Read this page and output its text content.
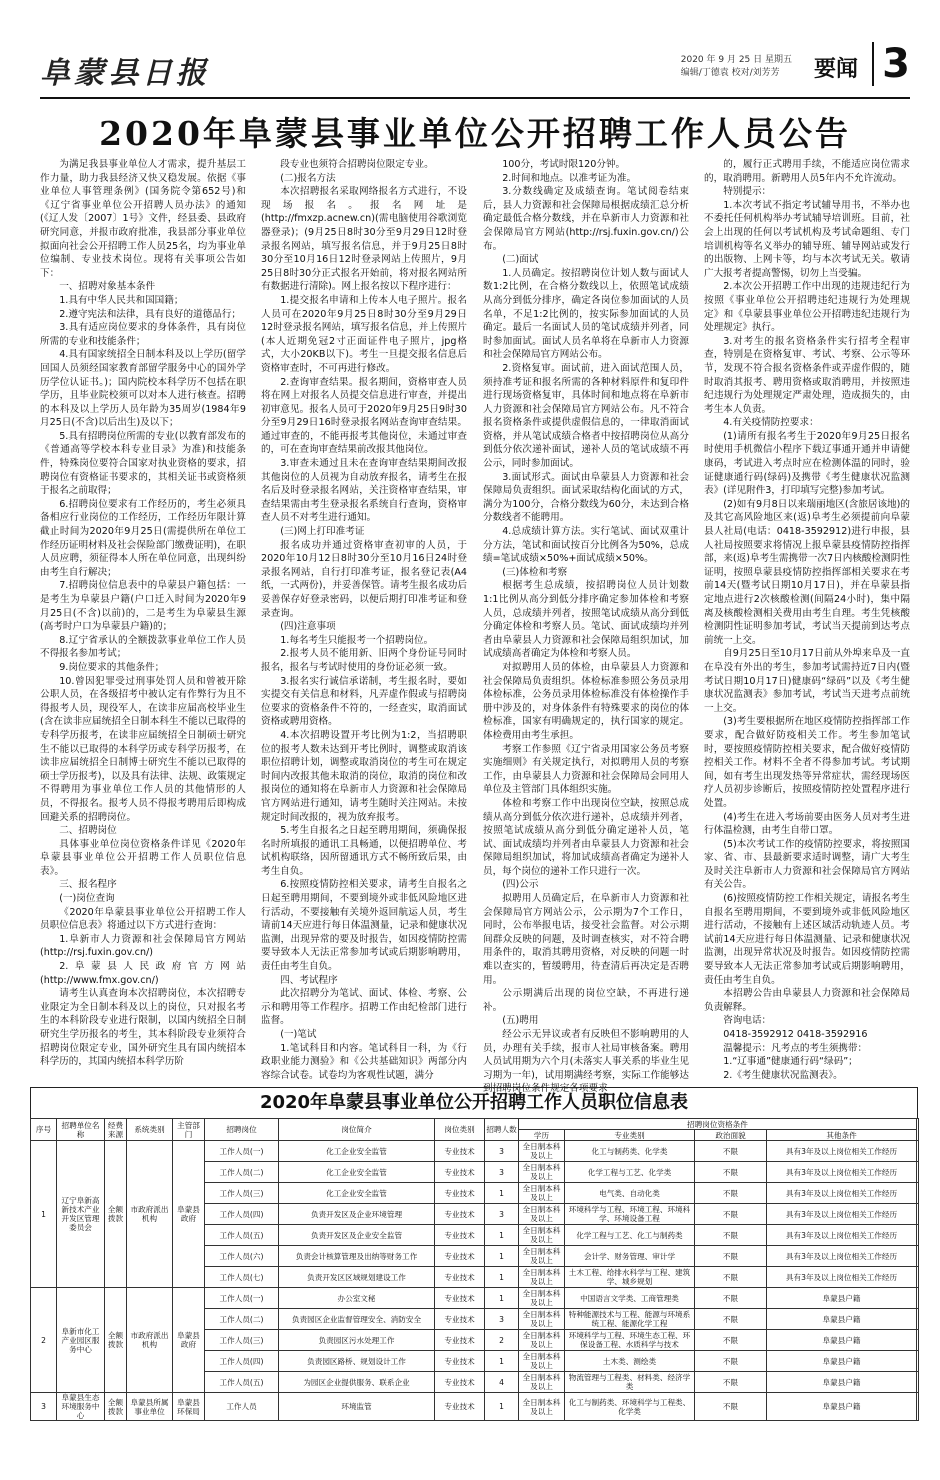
阜蒙县日报	2020 年 9 月 25 日 星期五
编辑/丁德袁 校对/刘芳芳	要闻 3
2020年阜蒙县事业单位公开招聘工作人员公告

为满足我县事业单位人才需求，提升基层工作力量，助力我县经济又快又稳发展。依据《事业单位人事管理条例》(国务院令第652号)和《辽宁省事业单位公开招聘人员办法》的通知(《辽人发〔2007〕1号》文件，经县委、县政府研究同意，并报市政府批准，我县部分事业单位拟面向社会公开招聘工作人员25名，均为事业单位编制、专业技术岗位。现将有关事项公告如下：

一、招聘对象基本条件

1.具有中华人民共和国国籍；

2.遵守宪法和法律，具有良好的道德品行；

3.具有适应岗位要求的身体条件，具有岗位所需的专业和技能条件；

4.具有国家统招全日制本科及以上学历(留学回国人员须经国家教育部留学服务中心的国外学历学位认证书。)；国内院校本科学历不包括在职学历，且毕业院校须可以对本人进行核查。招聘的本科及以上学历人员年龄为35周岁(1984年9月25日(不含)以后出生)及以下；

5.具有招聘岗位所需的专业(以教育部发布的《普通高等学校本科专业目录》为准)和技能条件，特殊岗位要符合国家对执业资格的要求，招聘岗位有资格证书要求的，其相关证书或资格须于报名之前取得；

6.招聘岗位要求有工作经历的，考生必须具备相应行业岗位的工作经历，工作经历年限计算截止时间为2020年9月25日(需提供所在单位工作经历证明材料及社会保险部门缴费证明)，在职人员应聘，须征得本人所在单位同意，出现纠纷由考生自行解决；

7.招聘岗位信息表中的阜蒙县户籍包括：一是考生为阜蒙县户籍(户口迁入时间为2020年9月25日(不含)以前)的，二是考生为阜蒙县生源(高考时户口为阜蒙县户籍)的；

8.辽宁省承认的全额拨款事业单位工作人员不得报名参加考试；

9.岗位要求的其他条件；

10.曾因犯罪受过刑事处罚人员和曾被开除公职人员，在各级招考中被认定有作弊行为且不得报考人员，现役军人，在读非应届高校毕业生(含在读非应届统招全日制本科生不能以已取得的专科学历报考，在读非应届统招全日制硕士研究生不能以已取得的本科学历或专科学历报考，在读非应届统招全日制博士研究生不能以已取得的硕士学历报考)，以及具有法律、法规、政策规定不得聘用为事业单位工作人员的其他情形的人员，不得报名。报考人员不得报考聘用后即构成回避关系的招聘岗位。

二、招聘岗位

具体事业单位岗位资格条件详见《2020年阜蒙县事业单位公开招聘工作人员职位信息表》。

三、报名程序

(一)岗位查询

《2020年阜蒙县事业单位公开招聘工作人员职位信息表》将通过以下方式进行查询：

1.阜新市人力资源和社会保障局官方网站(http://rsj.fuxin.gov.cn/)

2.阜蒙县人民政府官方网站(http://www.fmx.gov.cn/)

请考生认真查询本次招聘岗位，本次招聘专业限定为全日制本科及以上的岗位，只对报名考生的本科阶段专业进行限制，以国内统招全日制研究生学历报名的考生，其本科阶段专业须符合招聘岗位限定专业，国外研究生具有国内统招本科学历的，其国内统招本科学历阶

段专业也须符合招聘岗位限定专业。

(二)报名方法

本次招聘报名采取网络报名方式进行，不设现场报名。报名网址是(http://fmxzp.acnew.cn)(需电脑使用谷歌浏览器登录)；(9月25日8时30分至9月29日12时登录报名网站，填写报名信息，并于9月25日8时30分至10月16日12时登录网站上传照片，9月25日8时30分正式报名开始前，将对报名网站所有数据进行清除)。网上报名按以下程序进行：

1.提交报名申请和上传本人电子照片。报名人员可在2020年9月25日8时30分至9月29日12时登录报名网站，填写报名信息，并上传照片(本人近期免冠2寸正面证件电子照片，jpg格式，大小20KB以下)。考生一旦提交报名信息后资格审查时，不可再进行修改。

2.查询审查结果。报名期间，资格审查人员将在网上对报名人员提交信息进行审查，并提出初审意见。报名人员可于2020年9月25日9时30分至9月29日16时登录报名网站查询审查结果。通过审查的，不能再报考其他岗位，未通过审查的，可在查询审查结果前改报其他岗位。

3.审查未通过且未在查询审查结果期间改报其他岗位的人员视为自动放弃报名，请考生在报名后及时登录报名网站，关注资格审查结果，审查结果需由考生登录报名系统自行查询，资格审查人员不对考生进行通知。

(三)网上打印准考证

报名成功并通过资格审查初审的人员，于2020年10月12日8时30分至10月16日24时登录报名网站，自行打印准考证，报名登记表(A4纸，一式两份)，并妥善保管。请考生报名成功后妥善保存好登录密码，以便后期打印准考证和登录查询。

(四)注意事项

1.每名考生只能报考一个招聘岗位。

2.报考人员不能用新、旧两个身份证号同时报名，报名与考试时使用的身份证必须一致。

3.报名实行诚信承诺制，考生报名时，要如实提交有关信息和材料，凡弄虚作假或与招聘岗位要求的资格条件不符的，一经查实，取消面试资格或聘用资格。

4.本次招聘设置开考比例为1:2，当招聘职位的报考人数未达到开考比例时，调整或取消该职位招聘计划，调整或取消岗位的考生可在规定时间内改报其他未取消的岗位，取消的岗位和改报岗位的通知将在阜新市人力资源和社会保障局官方网站进行通知，请考生随时关注网站。未按规定时间改报的，视为放弃报考。

5.考生自报名之日起至聘用期间，须确保报名时所填报的通讯工具畅通，以便招聘单位、考试机构联络，因所留通讯方式不畅所致后果，由考生自负。

6.按照疫情防控相关要求，请考生自报名之日起至聘用期间，不要到境外或非低风险地区进行活动，不要接触有关境外返回航运人员，考生请前14天应进行每日体温测量，记录和健康状况监测，出现异常的要及时报告，如因疫情防控需要导致本人无法正常参加考试或后期影响聘用，责任由考生自负。

四、考试程序

此次招聘分为笔试、面试、体检、考察、公示和聘用等工作程序。招聘工作由纪检部门进行监督。

(一)笔试

1.笔试科目和内容。笔试科目一科，为《行政职业能力测验》和《公共基础知识》两部分内容综合试卷。试卷均为客观性试题，满分

100分，考试时限120分钟。

2.时间和地点。以准考证为准。

3.分数线确定及成绩查询。笔试阅卷结束后，县人力资源和社会保障局根据成绩汇总分析确定最低合格分数线，并在阜新市人力资源和社会保障局官方网站(http://rsj.fuxin.gov.cn/)公布。

(二)面试

1.人员确定。按招聘岗位计划人数与面试人数1:2比例，在合格分数线以上，依照笔试成绩从高分到低分排序，确定各岗位参加面试的人员名单，不足1:2比例的，按实际参加面试的人员确定。最后一名面试人员的笔试成绩并列者，同时参加面试。面试人员名单将在阜新市人力资源和社会保障局官方网站公布。

2.资格复审。面试前，进入面试范围人员，须持准考证和报名所需的各种材料原件和复印件进行现场资格复审，具体时间和地点将在阜新市人力资源和社会保障局官方网站公布。凡不符合报名资格条件或提供虚假信息的，一律取消面试资格，并从笔试成绩合格者中按招聘岗位从高分到低分依次递补面试，递补人员的笔试成绩不再公示，同时参加面试。

3.面试形式。面试由阜蒙县人力资源和社会保障局负责组织。面试采取结构化面试的方式，满分为100分，合格分数线为60分，未达到合格分数线者不能聘用。

4.总成绩计算方法。实行笔试、面试双重计分方法，笔试和面试按百分比例各为50%，总成绩=笔试成绩×50%+面试成绩×50%。

(三)体检和考察

根据考生总成绩，按招聘岗位人员计划数1:1比例从高分到低分排序确定参加体检和考察人员，总成绩并列者，按照笔试成绩从高分到低分确定体检和考察人员。笔试、面试成绩均并列者由阜蒙县人力资源和社会保障局组织加试，加试成绩高者确定为体检和考察人员。

对拟聘用人员的体检，由阜蒙县人力资源和社会保障局负责组织。体检标准参照公务员录用体检标准，公务员录用体检标准没有体检操作手册中涉及的，对身体条件有特殊要求的岗位的体检标准，国家有明确规定的，执行国家的规定。体检费用由考生承担。

考察工作参照《辽宁省录用国家公务员考察实施细则》有关规定执行，对拟聘用人员的考察工作，由阜蒙县人力资源和社会保障局会同用人单位及主管部门具体组织实施。

体检和考察工作中出现岗位空缺，按照总成绩从高分到低分依次进行递补，总成绩并列者，按照笔试成绩从高分到低分确定递补人员，笔试、面试成绩均并列者由阜蒙县人力资源和社会保障局组织加试，将加试成绩高者确定为递补人员，每个岗位的递补工作只进行一次。

(四)公示

拟聘用人员确定后，在阜新市人力资源和社会保障局官方网站公示，公示期为7个工作日，同时，公布举报电话，接受社会监督。对公示期间群众反映的问题，及时调查核实，对不符合聘用条件的，取消其聘用资格，对反映的问题一时难以查实的，暂缓聘用，待查清后再决定是否聘用。

公示期满后出现的岗位空缺，不再进行递补。

(五)聘用

经公示无异议或者有反映但不影响聘用的人员，办理有关手续，报市人社局审核备案。聘用人员试用期为六个月(未落实人事关系的毕业生见习期为一年)，试用期满经考察，实际工作能够达到招聘岗位条件规定各项要求

的，履行正式聘用手续，不能适应岗位需求的，取消聘用。新聘用人员5年内不允许流动。

特别提示：

1.本次考试不指定考试辅导用书，不举办也不委托任何机构举办考试辅导培训班。目前，社会上出现的任何以考试机构及考试命题组、专门培训机构等名义举办的辅导班、辅导网站或发行的出版物、上网卡等，均与本次考试无关。敬请广大报考者提高警惕，切勿上当受骗。

2.本次公开招聘工作中出现的违规违纪行为按照《事业单位公开招聘违纪违规行为处理规定》和《阜蒙县事业单位公开招聘违纪违规行为处理规定》执行。

3.对考生的报名资格条件实行招考全程审查，特别是在资格复审、考试、考察、公示等环节，发现不符合报名资格条件或弄虚作假的，随时取消其报考、聘用资格或取消聘用，并按照违纪违规行为处理规定严肃处理，造成损失的，由考生本人负责。

4.有关疫情防控要求：

(1)请所有报名考生于2020年9月25日报名时使用手机微信小程序下载辽事通开通并申请健康码，考试进入考点时应在检测体温的同时，验证健康通行码(绿码)及携带《考生健康状况监测表》(详见附件3，打印填写完整)参加考试。

(2)如有9月8日以来瑞丽地区(含旅居该地)的及其它高风险地区来(返)阜考生必须提前向阜蒙县人社局(电话：0418-3592912)进行申报，县人社局按照要求将情况上报阜蒙县疫情防控指挥部，来(返)阜考生需携带一次7日内核酸检测阴性证明，按照阜蒙县疫情防控指挥部相关要求在考前14天(暨考试日期10月17日)，并在阜蒙县指定地点进行2次核酸检测(间隔24小时)，集中隔离及核酸检测相关费用由考生自理。考生凭核酸检测阴性证明参加考试，考试当天提前到达考点前统一上交。

自9月25日至10月17日前从外埠来阜及一直在阜没有外出的考生，参加考试需持近7日内(暨考试日期10月17日)健康码“绿码”以及《考生健康状况监测表》参加考试，考试当天进考点前统一上交。

(3)考生要根据所在地区疫情防控指挥部工作要求，配合做好防疫相关工作。考生参加笔试时，要按照疫情防控相关要求，配合做好疫情防控相关工作。材料不全者不得参加考试。考试期间，如有考生出现发热等异常症状，需经现场医疗人员初步诊断后，按照疫情防控处置程序进行处置。

(4)考生在进入考场前要由医务人员对考生进行体温检测，由考生自带口罩。

(5)本次考试工作的疫情防控要求，将按照国家、省、市、县最新要求适时调整，请广大考生及时关注阜新市人力资源和社会保障局官方网站有关公告。

(6)按照疫情防控工作相关规定，请报名考生自报名至聘用期间，不要到境外或非低风险地区进行活动，不接触有上述区域活动轨迹人员。考试前14天应进行每日体温测量、记录和健康状况监测，出现异常状况及时报告。如因疫情防控需要导致本人无法正常参加考试或后期影响聘用，责任由考生自负。

本招聘公告由阜蒙县人力资源和社会保障局负责解释。

咨询电话：

0418-3592912 0418-3592916

温馨提示：凡考点的考生须携带：

1.“辽事通”健康通行码“绿码”；

2.《考生健康状况监测表》。

2020年阜蒙县事业单位公开招聘工作人员职位信息表
序号	招聘单位名称	经费来源	系统类别	主管部门	招聘岗位	岗位简介	岗位类别	招聘人数	招聘岗位资格条件	
									学历	专业类别	政治面貌	其他条件	
1	辽宁阜新高新技术产业开发区管理委员会	全额拨款	市政府派出机构	阜蒙县政府	工作人员(一)	化工企业安全监管	专业技术	3	全日制本科及以上	化工与制药类、化学类	不限	具有3年及以上岗位相关工作经历	
					工作人员(二)	化工企业安全监管	专业技术	3	全日制本科及以上	化学工程与工艺、化学类	不限	具有3年及以上岗位相关工作经历	
					工作人员(三)	化工企业安全监管	专业技术	1	全日制本科及以上	电气类、自动化类	不限	具有3年及以上岗位相关工作经历	
					工作人员(四)	负责开发区及企业环境管理	专业技术	3	全日制本科及以上	环境科学与工程、环境工程、环境科学、环境设备工程	不限	具有3年及以上岗位相关工作经历	
					工作人员(五)	负责开发区及企业安全监管	专业技术	1	全日制本科及以上	化学工程与工艺、化工与制药类	不限	具有3年及以上岗位相关工作经历	
					工作人员(六)	负责会计核算管理及出纳等财务工作	专业技术	1	全日制本科及以上	会计学、财务管理、审计学	不限	具有3年及以上岗位相关工作经历	
					工作人员(七)	负责开发区区域规划建设工作	专业技术	1	全日制本科及以上	土木工程、给排水科学与工程、建筑学、城乡规划	不限	具有3年及以上岗位相关工作经历	
2	阜新市化工产业园区服务中心	全额拨款	市政府派出机构	阜蒙县政府	工作人员(一)	办公室文秘	专业技术	1	全日制本科及以上	中国语言文学类、工商管理类	不限	阜蒙县户籍	
					工作人员(二)	负责园区企业监督管理安全、消防安全	专业技术	3	全日制本科及以上	特种能源技术与工程、能源与环境系统工程、能源化学工程	不限	阜蒙县户籍	
					工作人员(三)	负责园区污水处理工作	专业技术	2	全日制本科及以上	环境科学与工程、环境生态工程、环保设备工程、水质科学与技术	不限	阜蒙县户籍	
					工作人员(四)	负责园区路桥、规划设计工作	专业技术	1	全日制本科及以上	土木类、测绘类	不限	阜蒙县户籍	
					工作人员(五)	为园区企业提供服务、联系企业	专业技术	4	全日制本科及以上	物流管理与工程类、材料类、经济学类	不限	阜蒙县户籍	
3	阜蒙县生态环境服务中心	全额拨款	阜蒙县所属事业单位	阜蒙县环保局	工作人员	环境监管	专业技术	1	全日制本科及以上	化工与制药类、环境科学与工程类、化学类	不限	阜蒙县户籍	
